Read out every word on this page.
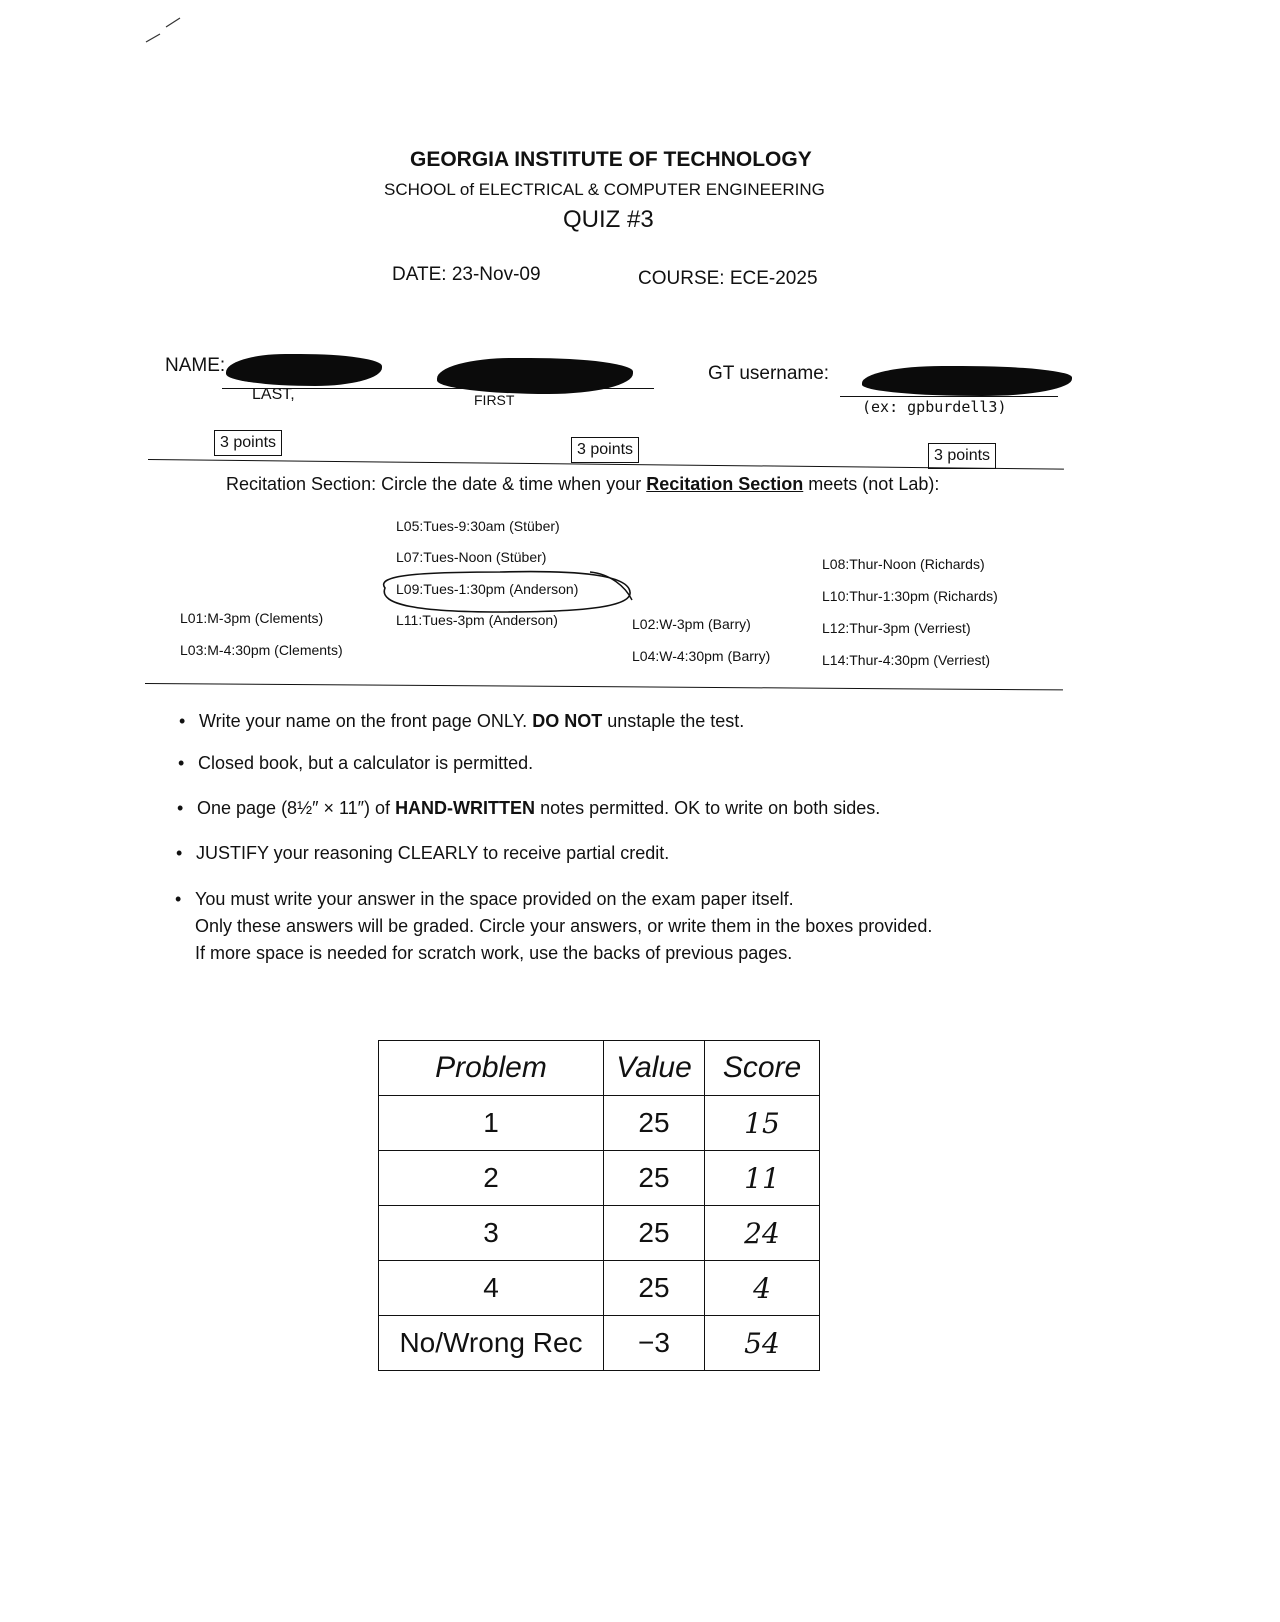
GEORGIA INSTITUTE OF TECHNOLOGY
SCHOOL of ELECTRICAL & COMPUTER ENGINEERING
QUIZ #3
DATE: 23-Nov-09	COURSE: ECE-2025
NAME:
LAST,	FIRST
GT username:
(ex: gpburdell3)
3 points	3 points	3 points
Recitation Section: Circle the date & time when your Recitation Section meets (not Lab):
L05:Tues-9:30am (Stüber)
L07:Tues-Noon (Stüber)
L09:Tues-1:30pm (Anderson)
L11:Tues-3pm (Anderson)
L01:M-3pm (Clements)
L03:M-4:30pm (Clements)
L02:W-3pm (Barry)
L04:W-4:30pm (Barry)
L08:Thur-Noon (Richards)
L10:Thur-1:30pm (Richards)
L12:Thur-3pm (Verriest)
L14:Thur-4:30pm (Verriest)
• Write your name on the front page ONLY. DO NOT unstaple the test.
• Closed book, but a calculator is permitted.
• One page (8½″ × 11″) of HAND-WRITTEN notes permitted. OK to write on both sides.
• JUSTIFY your reasoning CLEARLY to receive partial credit.
• You must write your answer in the space provided on the exam paper itself.
Only these answers will be graded. Circle your answers, or write them in the boxes provided.
If more space is needed for scratch work, use the backs of previous pages.
Problem	Value	Score
1	25	15
2	25	11
3	25	24
4	25	4
No/Wrong Rec	−3	54
